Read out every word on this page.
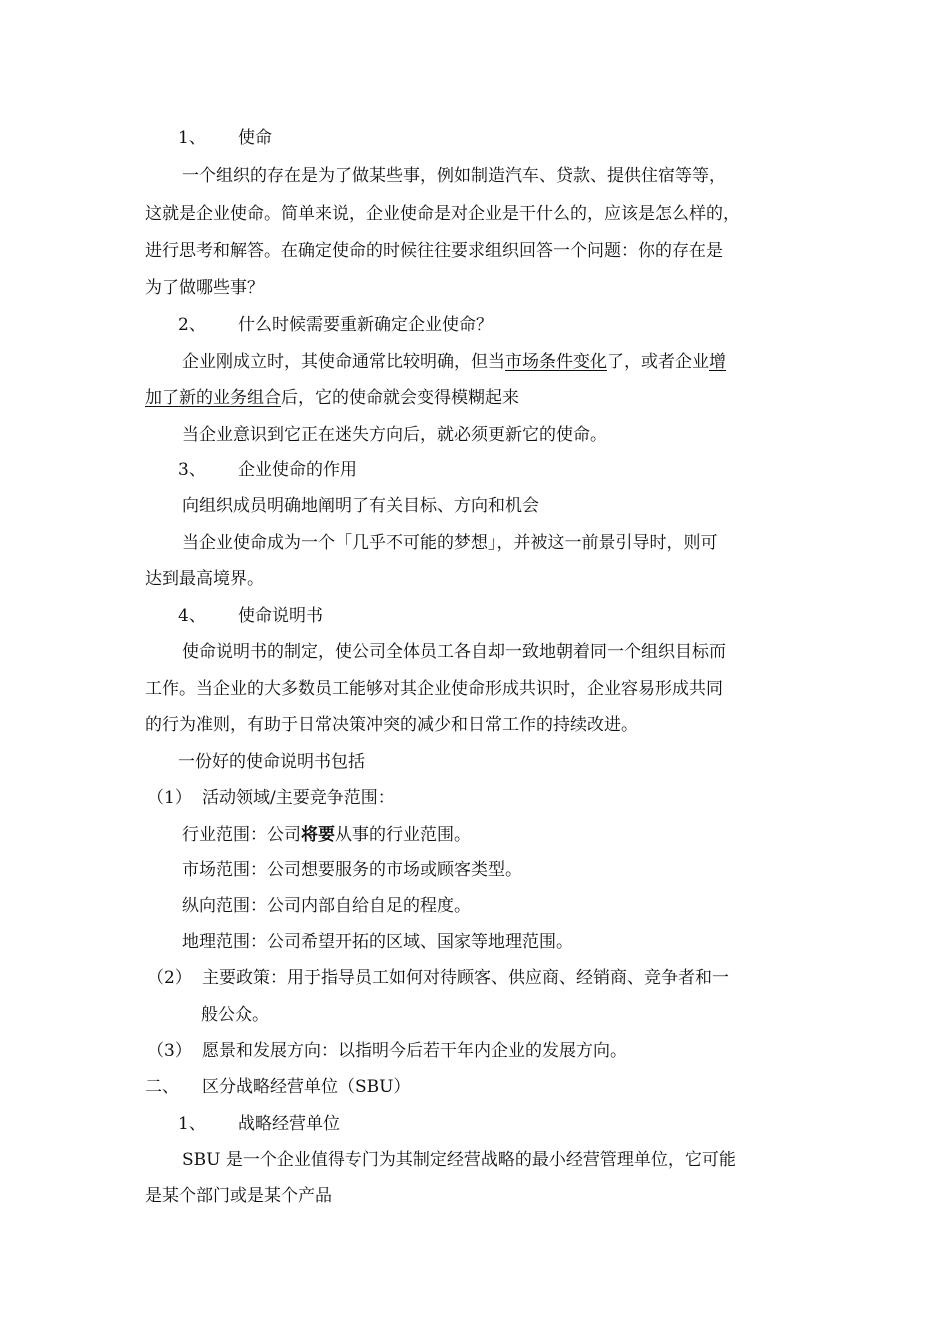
1、 使命

一个组织的存在是为了做某些事，例如制造汽车、贷款、提供住宿等等，

这就是企业使命。简单来说，企业使命是对企业是干什么的，应该是怎么样的，

进行思考和解答。在确定使命的时候往往要求组织回答一个问题：你的存在是

为了做哪些事？

2、 什么时候需要重新确定企业使命？

企业刚成立时，其使命通常比较明确，但当市场条件变化了，或者企业增

加了新的业务组合后，它的使命就会变得模糊起来

当企业意识到它正在迷失方向后，就必须更新它的使命。

3、 企业使命的作用

向组织成员明确地阐明了有关目标、方向和机会

当企业使命成为一个「几乎不可能的梦想」，并被这一前景引导时，则可

达到最高境界。

4、 使命说明书

使命说明书的制定，使公司全体员工各自却一致地朝着同一个组织目标而

工作。当企业的大多数员工能够对其企业使命形成共识时，企业容易形成共同

的行为准则，有助于日常决策冲突的减少和日常工作的持续改进。

一份好的使命说明书包括

（1） 活动领域/主要竞争范围：

行业范围：公司将要从事的行业范围。

市场范围：公司想要服务的市场或顾客类型。

纵向范围：公司内部自给自足的程度。

地理范围：公司希望开拓的区域、国家等地理范围。

（2） 主要政策：用于指导员工如何对待顾客、供应商、经销商、竞争者和一

般公众。

（3） 愿景和发展方向：以指明今后若干年内企业的发展方向。

二、 区分战略经营单位（SBU）

1、 战略经营单位

SBU 是一个企业值得专门为其制定经营战略的最小经营管理单位，它可能

是某个部门或是某个产品
